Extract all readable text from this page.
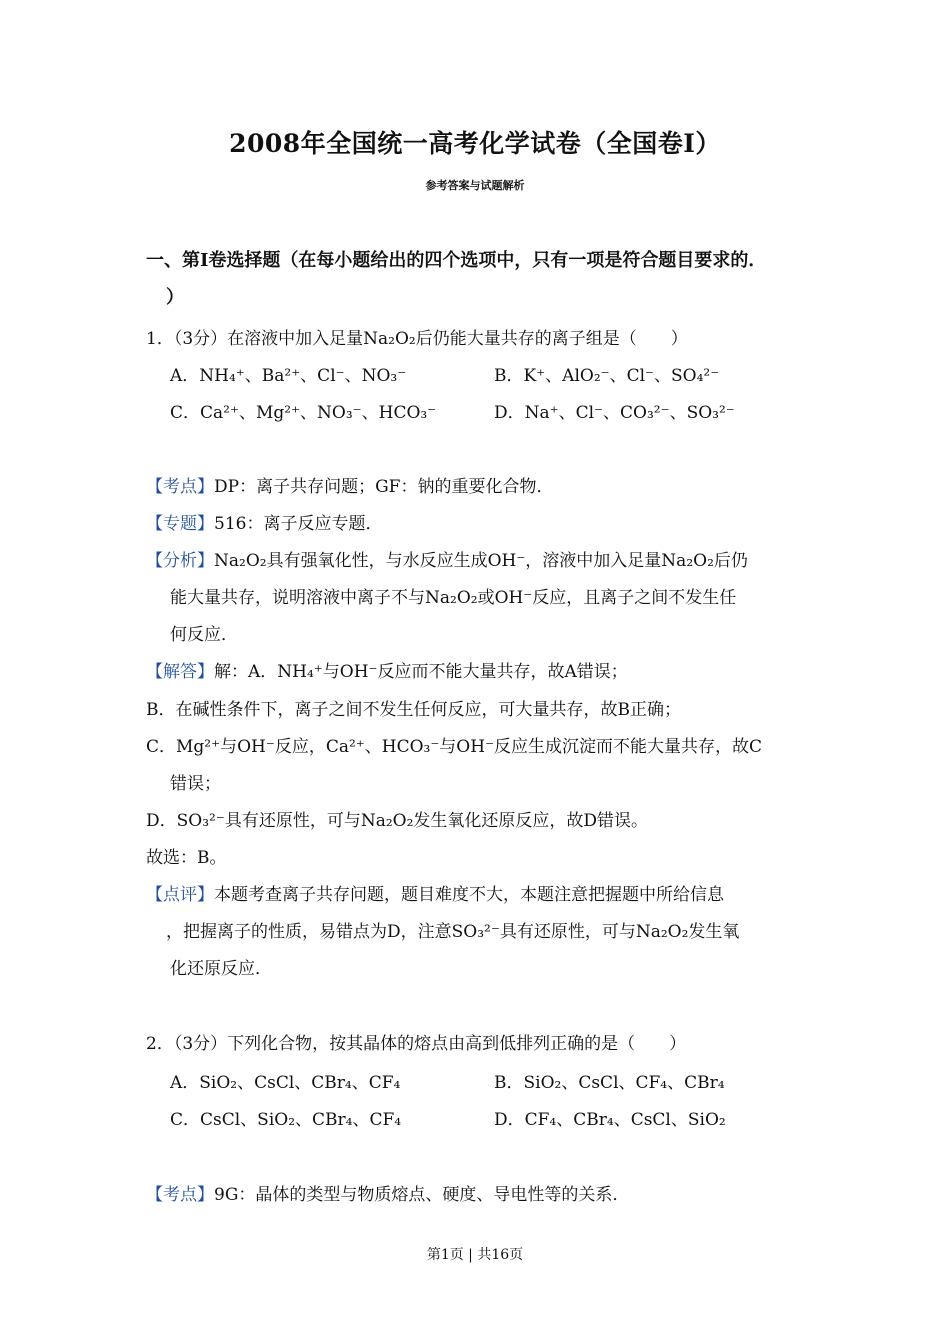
2008年全国统一高考化学试卷（全国卷I）
参考答案与试题解析
一、第I卷选择题（在每小题给出的四个选项中，只有一项是符合题目要求的．
）
1．（3分）在溶液中加入足量Na₂O₂后仍能大量共存的离子组是（　　）
A．NH₄⁺、Ba²⁺、Cl⁻、NO₃⁻	B．K⁺、AlO₂⁻、Cl⁻、SO₄²⁻
C．Ca²⁺、Mg²⁺、NO₃⁻、HCO₃⁻	D．Na⁺、Cl⁻、CO₃²⁻、SO₃²⁻
【考点】DP：离子共存问题；GF：钠的重要化合物．
【专题】516：离子反应专题．
【分析】Na₂O₂具有强氧化性，与水反应生成OH⁻，溶液中加入足量Na₂O₂后仍
能大量共存，说明溶液中离子不与Na₂O₂或OH⁻反应，且离子之间不发生任
何反应．
【解答】解：A．NH₄⁺与OH⁻反应而不能大量共存，故A错误；
B．在碱性条件下，离子之间不发生任何反应，可大量共存，故B正确；
C．Mg²⁺与OH⁻反应，Ca²⁺、HCO₃⁻与OH⁻反应生成沉淀而不能大量共存，故C
错误；
D．SO₃²⁻具有还原性，可与Na₂O₂发生氧化还原反应，故D错误。
故选：B。
【点评】本题考查离子共存问题，题目难度不大，本题注意把握题中所给信息
，把握离子的性质，易错点为D，注意SO₃²⁻具有还原性，可与Na₂O₂发生氧
化还原反应．
2．（3分）下列化合物，按其晶体的熔点由高到低排列正确的是（　　）
A．SiO₂、CsCl、CBr₄、CF₄	B．SiO₂、CsCl、CF₄、CBr₄
C．CsCl、SiO₂、CBr₄、CF₄	D．CF₄、CBr₄、CsCl、SiO₂
【考点】9G：晶体的类型与物质熔点、硬度、导电性等的关系．
第1页 | 共16页
